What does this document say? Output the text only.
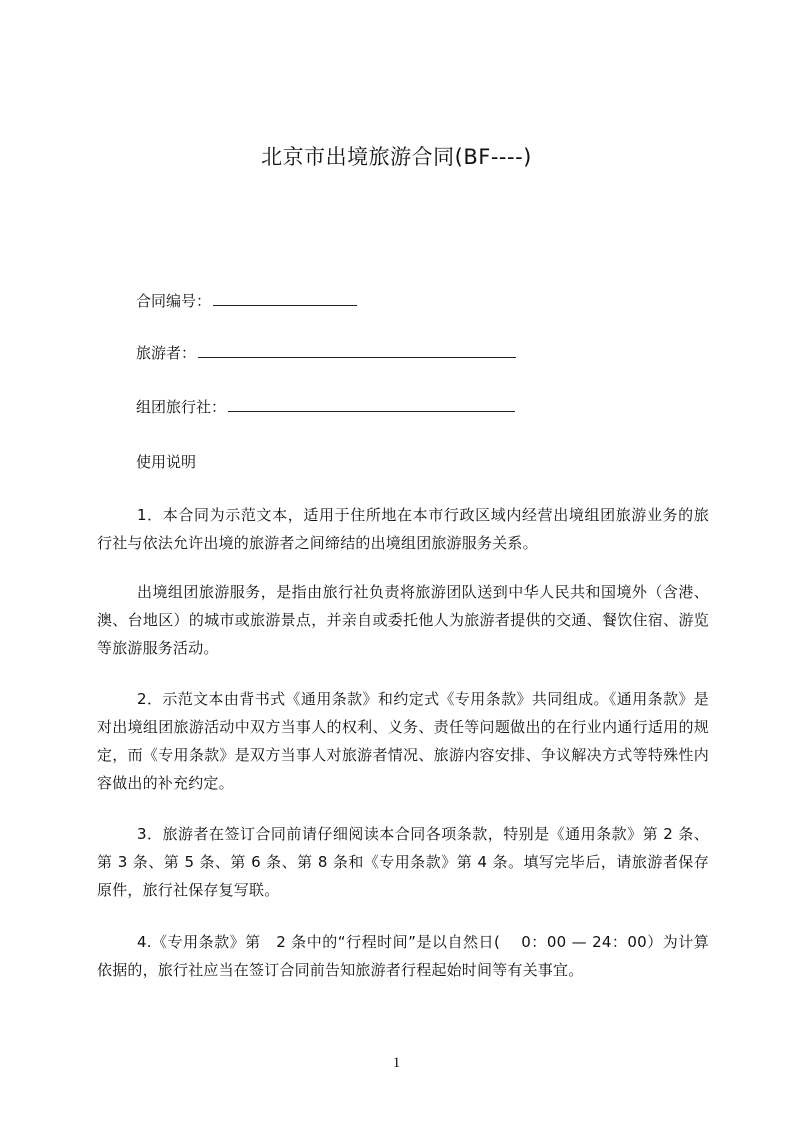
北京市出境旅游合同(BF----)
合同编号：
旅游者：
组团旅行社：
使用说明
1．本合同为示范文本，适用于住所地在本市行政区域内经营出境组团旅游业务的旅行社与依法允许出境的旅游者之间缔结的出境组团旅游服务关系。
出境组团旅游服务，是指由旅行社负责将旅游团队送到中华人民共和国境外（含港、澳、台地区）的城市或旅游景点，并亲自或委托他人为旅游者提供的交通、餐饮住宿、游览等旅游服务活动。
2．示范文本由背书式《通用条款》和约定式《专用条款》共同组成。《通用条款》是对出境组团旅游活动中双方当事人的权利、义务、责任等问题做出的在行业内通行适用的规定，而《专用条款》是双方当事人对旅游者情况、旅游内容安排、争议解决方式等特殊性内容做出的补充约定。
3．旅游者在签订合同前请仔细阅读本合同各项条款，特别是《通用条款》第 2 条、第 3 条、第 5 条、第 6 条、第 8 条和《专用条款》第 4 条。填写完毕后，请旅游者保存原件，旅行社保存复写联。
4.《专用条款》第　2 条中的“行程时间”是以自然日(　 0：00 — 24：00）为计算依据的，旅行社应当在签订合同前告知旅游者行程起始时间等有关事宜。
1
